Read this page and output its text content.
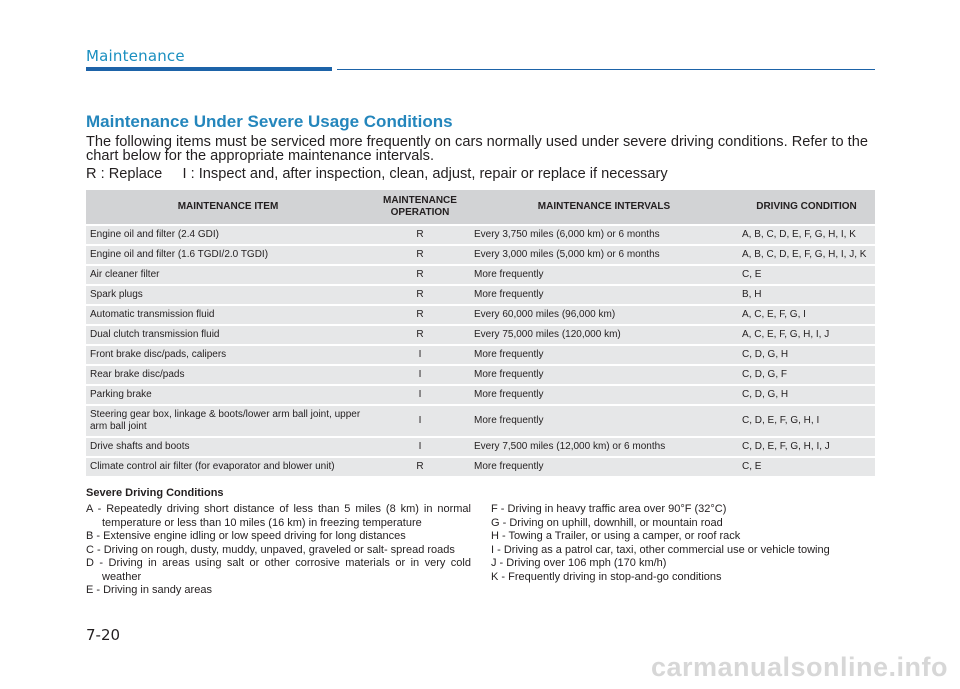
Maintenance
Maintenance Under Severe Usage Conditions

The following items must be serviced more frequently on cars normally used under severe driving conditions. Refer to the chart below for the appropriate maintenance intervals.

R : Replace I : Inspect and, after inspection, clean, adjust, repair or replace if necessary
MAINTENANCE ITEM	MAINTENANCE OPERATION	MAINTENANCE INTERVALS	DRIVING CONDITION
Engine oil and filter (2.4 GDI)	R	Every 3,750 miles (6,000 km) or 6 months	A, B, C, D, E, F, G, H, I, K
Engine oil and filter (1.6 TGDI/2.0 TGDI)	R	Every 3,000 miles (5,000 km) or 6 months	A, B, C, D, E, F, G, H, I, J, K
Air cleaner filter	R	More frequently	C, E
Spark plugs	R	More frequently	B, H
Automatic transmission fluid	R	Every 60,000 miles (96,000 km)	A, C, E, F, G, I
Dual clutch transmission fluid	R	Every 75,000 miles (120,000 km)	A, C, E, F, G, H, I, J
Front brake disc/pads, calipers	I	More frequently	C, D, G, H
Rear brake disc/pads	I	More frequently	C, D, G, F
Parking brake	I	More frequently	C, D, G, H
Steering gear box, linkage & boots/lower arm ball joint, upper arm ball joint	I	More frequently	C, D, E, F, G, H, I
Drive shafts and boots	I	Every 7,500 miles (12,000 km) or 6 months	C, D, E, F, G, H, I, J
Climate control air filter (for evaporator and blower unit)	R	More frequently	C, E
Severe Driving Conditions
A - Repeatedly driving short distance of less than 5 miles (8 km) in normal temperature or less than 10 miles (16 km) in freezing temperature
B - Extensive engine idling or low speed driving for long distances
C - Driving on rough, dusty, muddy, unpaved, graveled or salt- spread roads
D - Driving in areas using salt or other corrosive materials or in very cold weather
E - Driving in sandy areas
F - Driving in heavy traffic area over 90°F (32°C)
G - Driving on uphill, downhill, or mountain road
H - Towing a Trailer, or using a camper, or roof rack
I - Driving as a patrol car, taxi, other commercial use or vehicle towing
J - Driving over 106 mph (170 km/h)
K - Frequently driving in stop-and-go conditions
7-20
carmanualsonline.info
